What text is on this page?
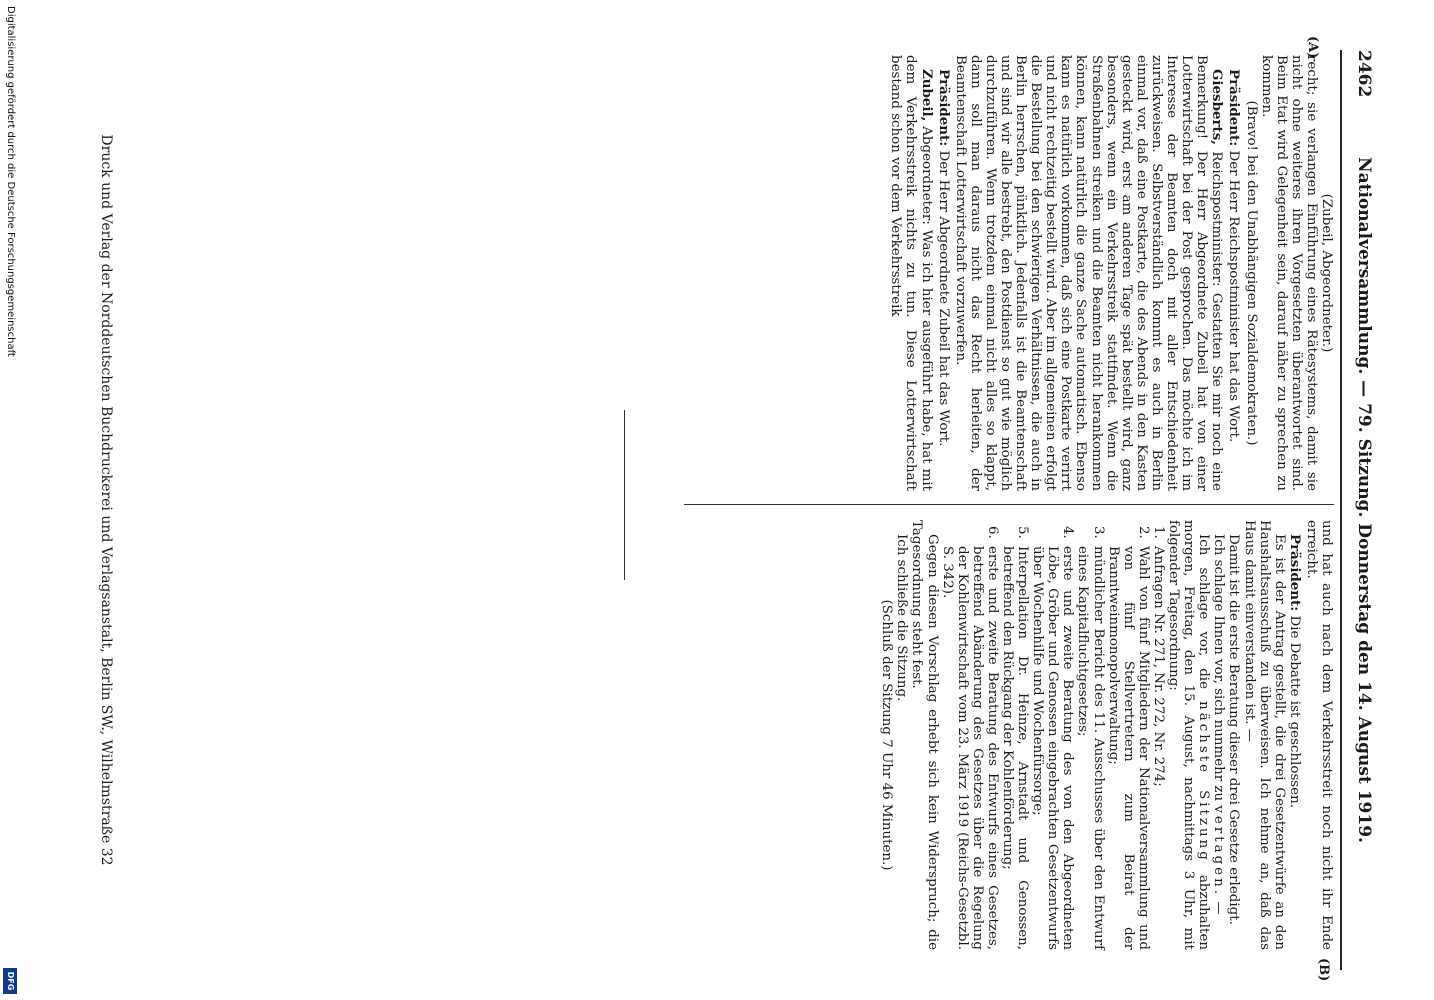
2462
Nationalversammlung. — 79. Sitzung. Donnerstag den 14. August 1919.
(A)
(B)

(Zubeil, Abgeordneter.)

recht; sie verlangen Einführung eines Rätesystems, damit sie nicht ohne weiteres ihren Vorgesetzten überantwortet sind. Beim Etat wird Gelegenheit sein, darauf näher zu sprechen zu kommen.

(Bravo! bei den Unabhängigen Sozialdemokraten.)

Präsident: Der Herr Reichspostminister hat das Wort.

Giesberts, Reichspostminister: Gestatten Sie mir noch eine Bemerkung! Der Herr Abgeordnete Zubeil hat von einer Lotterwirtschaft bei der Post gesprochen. Das möchte ich im Interesse der Beamten doch mit aller Entschiedenheit zurückweisen. Selbstverständlich kommt es auch in Berlin einmal vor, daß eine Postkarte, die des Abends in den Kasten gesteckt wird, erst am anderen Tage spät bestellt wird, ganz besonders, wenn ein Verkehrsstreik stattfindet. Wenn die Straßenbahnen streiken und die Beamten nicht herankommen können, kann natürlich die ganze Sache automatisch. Ebenso kann es natürlich vorkommen, daß sich eine Postkarte verirrt und nicht rechtzeitig bestellt wird. Aber im allgemeinen erfolgt die Bestellung bei den schwierigen Verhältnissen, die auch in Berlin herrschen, pünktlich. Jedenfalls ist die Beamtenschaft und sind wir alle bestrebt, den Postdienst so gut wie möglich durchzuführen. Wenn trotzdem einmal nicht alles so klappt, dann soll man daraus nicht das Recht herleiten, der Beamtenschaft Lotterwirtschaft vorzuwerfen.

Präsident: Der Herr Abgeordnete Zubeil hat das Wort.

Zubeil, Abgeordneter: Was ich hier ausgeführt habe, hat mit dem Verkehrsstreik nichts zu tun. Diese Lotterwirtschaft bestand schon vor dem Verkehrsstreik

und hat auch nach dem Verkehrsstreit noch nicht ihr Ende erreicht.

Präsident: Die Debatte ist geschlossen.

Es ist der Antrag gestellt, die drei Gesetzentwürfe an den Haushaltsausschuß zu überweisen. Ich nehme an, daß das Haus damit einverstanden ist. —

Damit ist die erste Beratung dieser drei Gesetze erledigt.

Ich schlage Ihnen vor, sich nunmehr zu vertagen. —

Ich schlage vor, die nächste Sitzung abzuhalten morgen, Freitag, den 15. August, nachmittags 3 Uhr, mit folgender Tagesordnung:

1.
Anfragen Nr. 271, Nr. 272, Nr. 274;
2.
Wahl von fünf Mitgliedern der Nationalversammlung und von fünf Stellvertretern zum Beirat der Branntweinmonopolverwaltung;
3.
mündlicher Bericht des 11. Ausschusses über den Entwurf eines Kapitalfluchtgesetzes;
4.
erste und zweite Beratung des von den Abgeordneten Löbe, Gröber und Genossen eingebrachten Gesetzentwurfs über Wochenhilfe und Wochenfürsorge;
5.
Interpellation Dr. Heinze, Arnstadt und Genossen, betreffend den Rückgang der Kohlenförderung;
6.
erste und zweite Beratung des Entwurfs eines Gesetzes, betreffend Abänderung des Gesetzes über die Regelung der Kohlenwirtschaft vom 23. März 1919 (Reichs-Gesetzbl. S. 342).

Gegen diesen Vorschlag erhebt sich kein Widerspruch; die Tagesordnung steht fest.

Ich schließe die Sitzung.

(Schluß der Sitzung 7 Uhr 46 Minuten.)

Druck und Verlag der Norddeutschen Buchdruckerei und Verlagsanstalt, Berlin SW., Wilhelmstraße 32
Digitalisierung gefördert durch die Deutsche Forschungsgemeinschaft
DFG
